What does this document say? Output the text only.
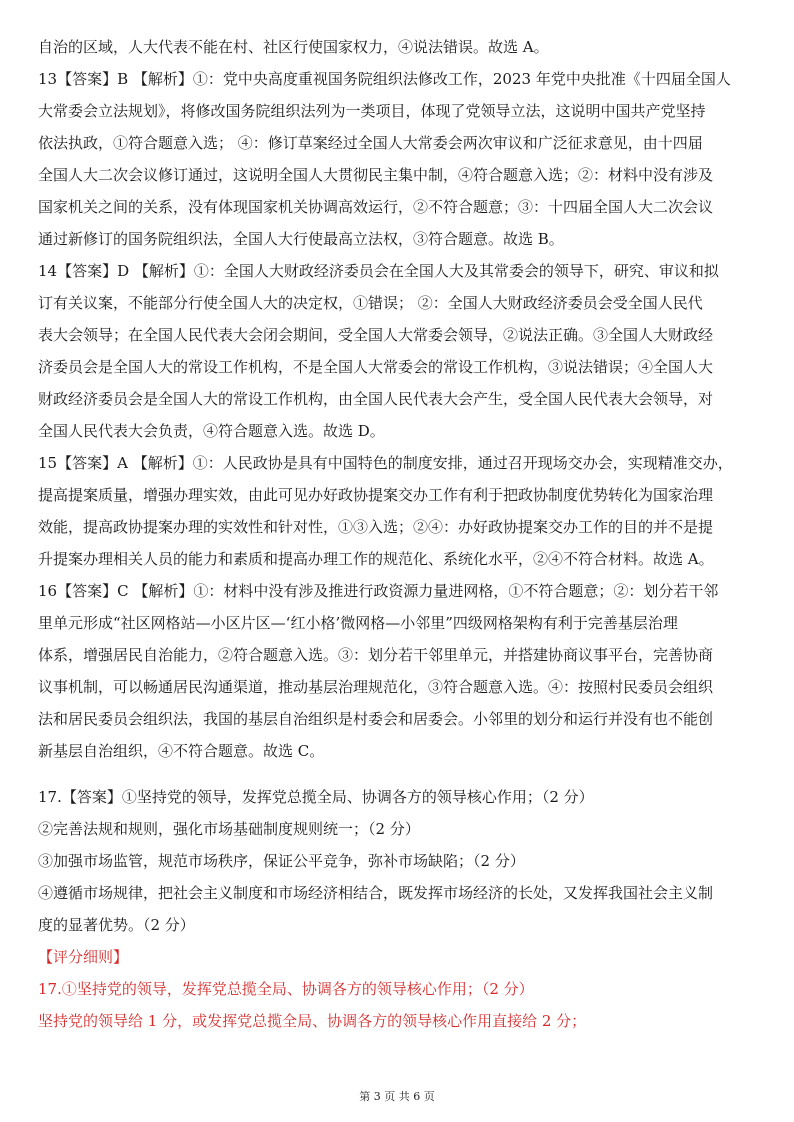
自治的区域，人大代表不能在村、社区行使国家权力，④说法错误。故选 A。
13【答案】B 【解析】①：党中央高度重视国务院组织法修改工作，2023 年党中央批准《十四届全国人
大常委会立法规划》，将修改国务院组织法列为一类项目，体现了党领导立法，这说明中国共产党坚持
依法执政，①符合题意入选； ④：修订草案经过全国人大常委会两次审议和广泛征求意见，由十四届
全国人大二次会议修订通过，这说明全国人大贯彻民主集中制，④符合题意入选；②：材料中没有涉及
国家机关之间的关系，没有体现国家机关协调高效运行，②不符合题意；③：十四届全国人大二次会议
通过新修订的国务院组织法，全国人大行使最高立法权，③符合题意。故选 B。
14【答案】D 【解析】①：全国人大财政经济委员会在全国人大及其常委会的领导下，研究、审议和拟
订有关议案，不能部分行使全国人大的决定权，①错误； ②：全国人大财政经济委员会受全国人民代
表大会领导；在全国人民代表大会闭会期间，受全国人大常委会领导，②说法正确。③全国人大财政经
济委员会是全国人大的常设工作机构，不是全国人大常委会的常设工作机构，③说法错误；④全国人大
财政经济委员会是全国人大的常设工作机构，由全国人民代表大会产生，受全国人民代表大会领导，对
全国人民代表大会负责，④符合题意入选。故选 D。
15【答案】A 【解析】①：人民政协是具有中国特色的制度安排，通过召开现场交办会，实现精准交办，
提高提案质量，增强办理实效，由此可见办好政协提案交办工作有利于把政协制度优势转化为国家治理
效能，提高政协提案办理的实效性和针对性，①③入选；②④：办好政协提案交办工作的目的并不是提
升提案办理相关人员的能力和素质和提高办理工作的规范化、系统化水平，②④不符合材料。故选 A。
16【答案】C 【解析】①：材料中没有涉及推进行政资源力量进网格，①不符合题意；②：划分若干邻
里单元形成“社区网格站—小区片区—‘红小格’微网格—小邻里”四级网格架构有利于完善基层治理
体系，增强居民自治能力，②符合题意入选。③：划分若干邻里单元，并搭建协商议事平台，完善协商
议事机制，可以畅通居民沟通渠道，推动基层治理规范化，③符合题意入选。④：按照村民委员会组织
法和居民委员会组织法，我国的基层自治组织是村委会和居委会。小邻里的划分和运行并没有也不能创
新基层自治组织，④不符合题意。故选 C。
17.【答案】①坚持党的领导，发挥党总揽全局、协调各方的领导核心作用；（2 分）
②完善法规和规则，强化市场基础制度规则统一；（2 分）
③加强市场监管，规范市场秩序，保证公平竞争，弥补市场缺陷；（2 分）
④遵循市场规律，把社会主义制度和市场经济相结合，既发挥市场经济的长处，又发挥我国社会主义制
度的显著优势。（2 分）
【评分细则】
17.①坚持党的领导，发挥党总揽全局、协调各方的领导核心作用；（2 分）
坚持党的领导给 1 分，或发挥党总揽全局、协调各方的领导核心作用直接给 2 分；
第 3 页 共 6 页
